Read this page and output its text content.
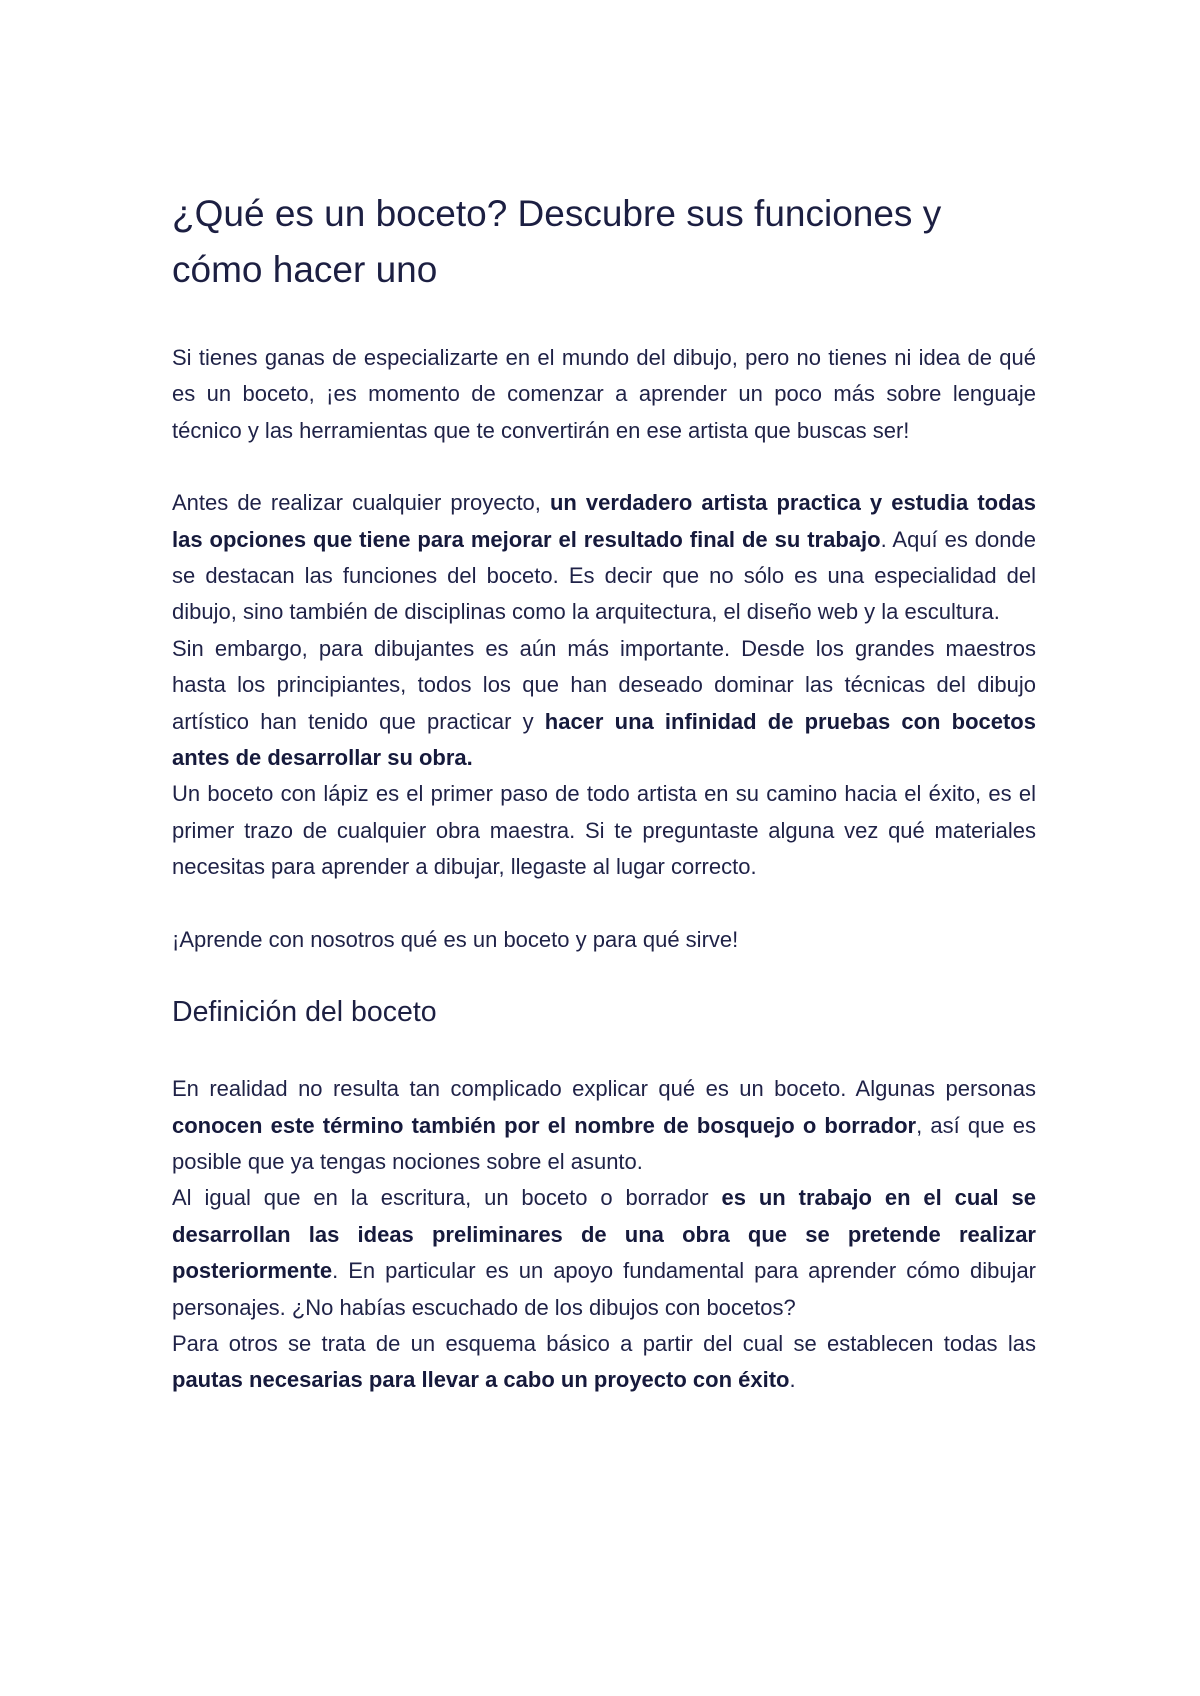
¿Qué es un boceto? Descubre sus funciones y cómo hacer uno

Si tienes ganas de especializarte en el mundo del dibujo, pero no tienes ni idea de qué es un boceto, ¡es momento de comenzar a aprender un poco más sobre lenguaje técnico y las herramientas que te convertirán en ese artista que buscas ser!

Antes de realizar cualquier proyecto, un verdadero artista practica y estudia todas las opciones que tiene para mejorar el resultado final de su trabajo. Aquí es donde se destacan las funciones del boceto. Es decir que no sólo es una especialidad del dibujo, sino también de disciplinas como la arquitectura, el diseño web y la escultura.

Sin embargo, para dibujantes es aún más importante. Desde los grandes maestros hasta los principiantes, todos los que han deseado dominar las técnicas del dibujo artístico han tenido que practicar y hacer una infinidad de pruebas con bocetos antes de desarrollar su obra.

Un boceto con lápiz es el primer paso de todo artista en su camino hacia el éxito, es el primer trazo de cualquier obra maestra. Si te preguntaste alguna vez qué materiales necesitas para aprender a dibujar, llegaste al lugar correcto.

¡Aprende con nosotros qué es un boceto y para qué sirve!

Definición del boceto

En realidad no resulta tan complicado explicar qué es un boceto. Algunas personas conocen este término también por el nombre de bosquejo o borrador, así que es posible que ya tengas nociones sobre el asunto.

Al igual que en la escritura, un boceto o borrador es un trabajo en el cual se desarrollan las ideas preliminares de una obra que se pretende realizar posteriormente. En particular es un apoyo fundamental para aprender cómo dibujar personajes. ¿No habías escuchado de los dibujos con bocetos?

Para otros se trata de un esquema básico a partir del cual se establecen todas las pautas necesarias para llevar a cabo un proyecto con éxito.
